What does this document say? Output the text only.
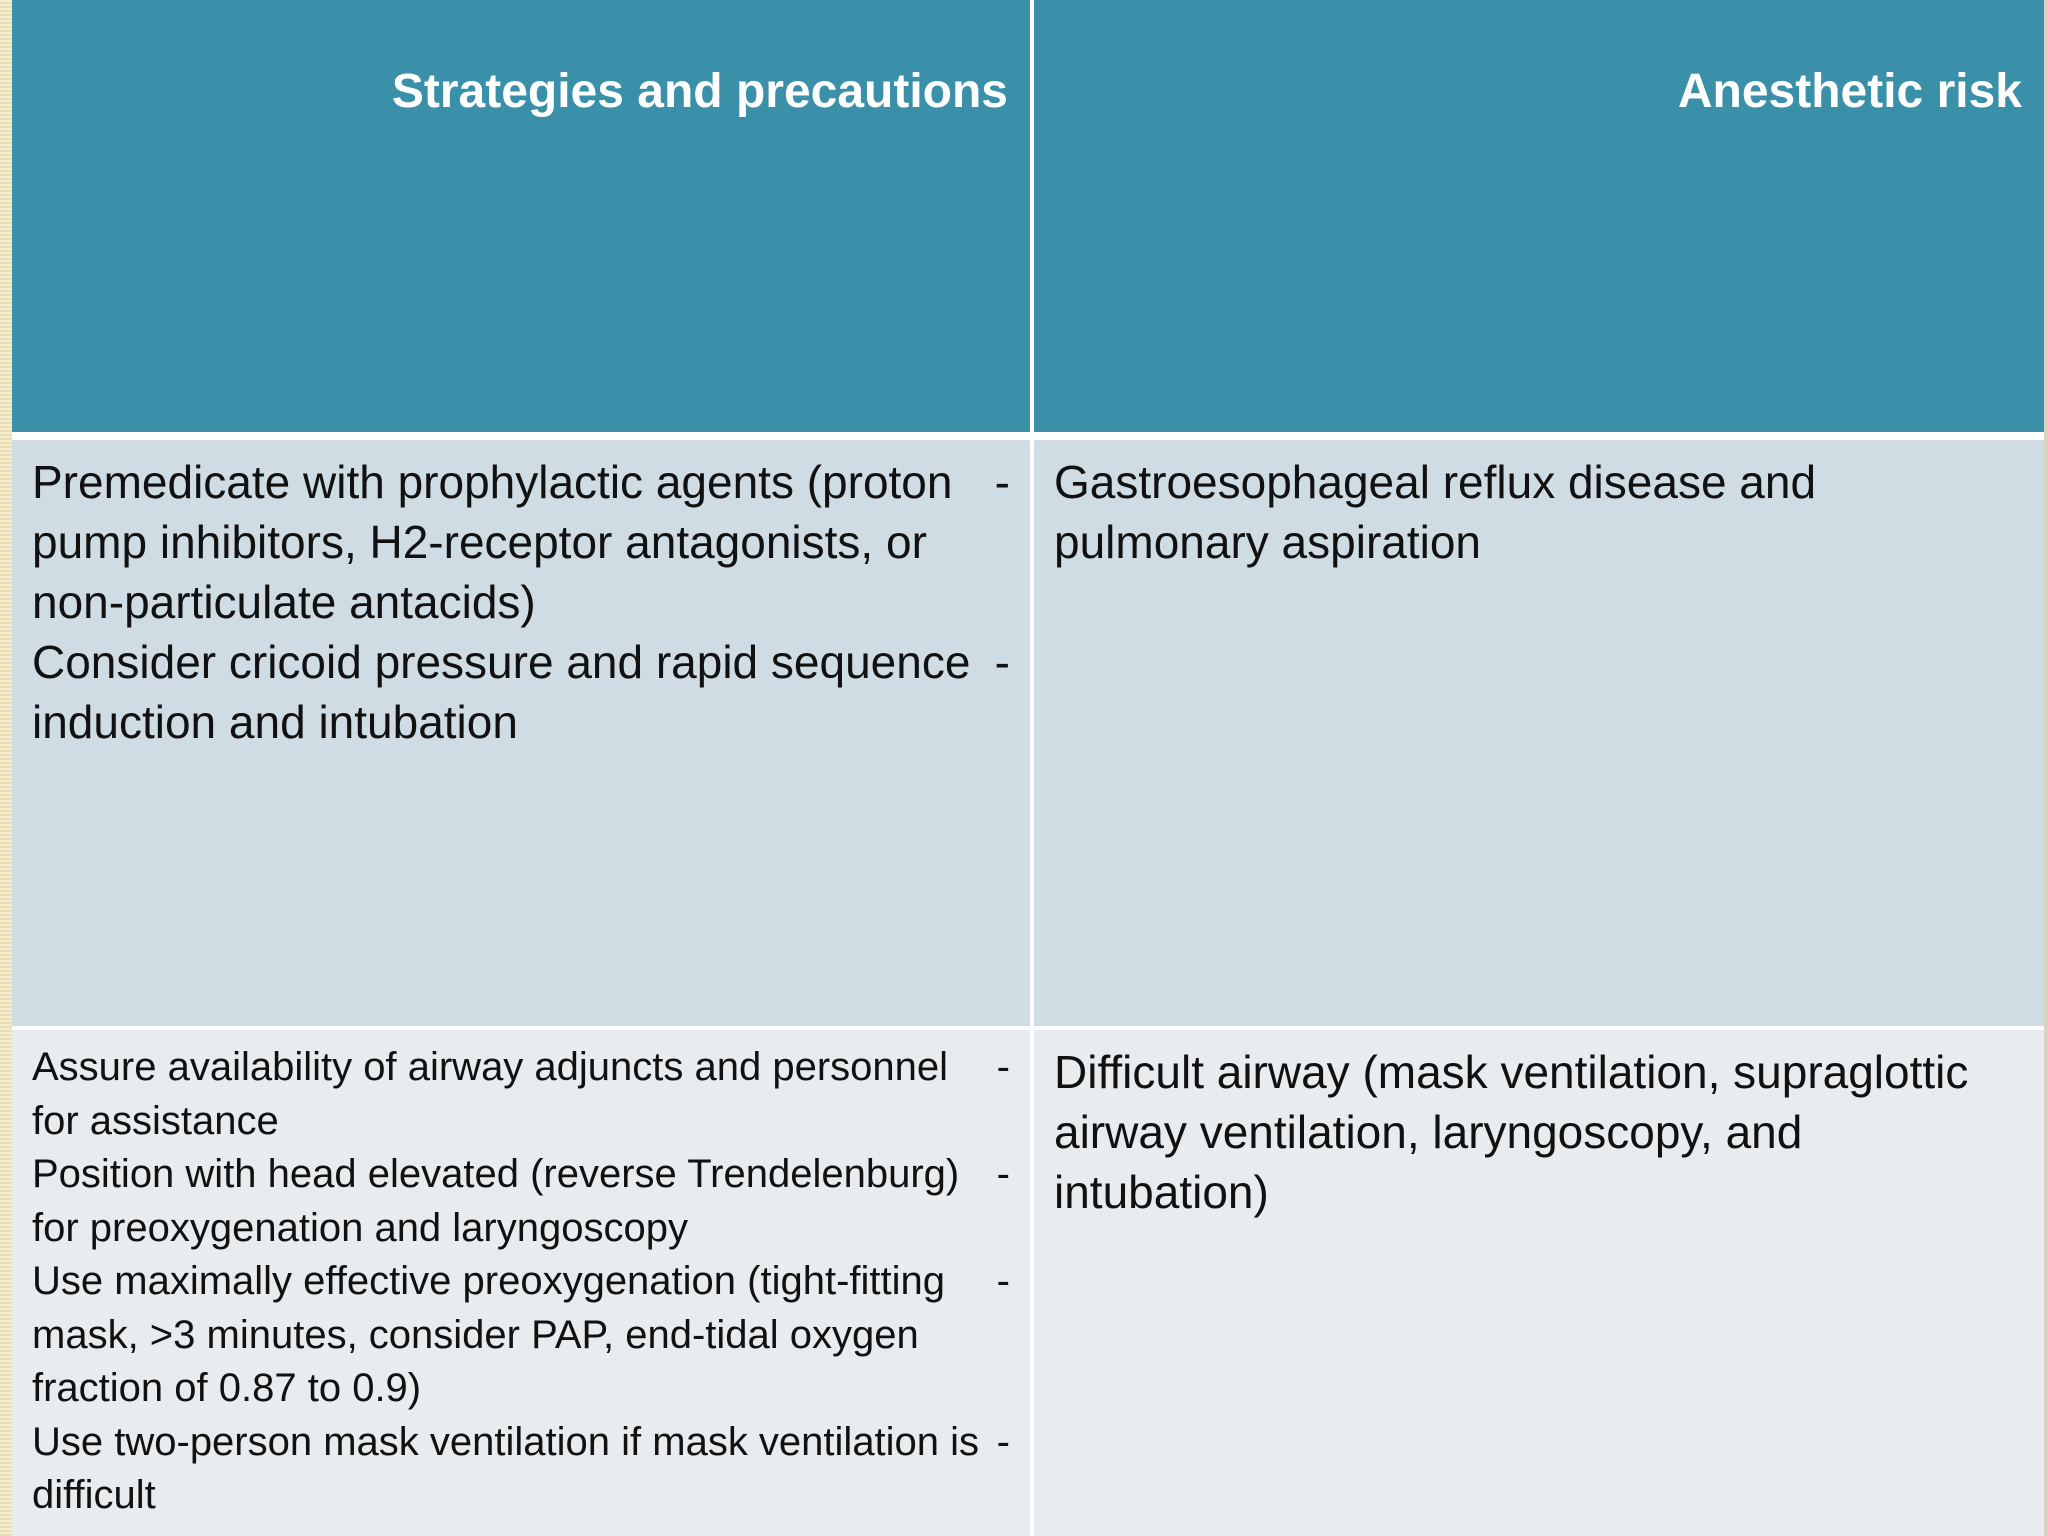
Strategies and precautions	Anesthetic risk
Premedicate with prophylactic agents (proton pump inhibitors, H2-receptor antagonists, or non-particulate antacids)
-
Consider cricoid pressure and rapid sequence induction and intubation
-
Gastroesophageal reflux disease and pulmonary aspiration
Assure availability of airway adjuncts and personnel for assistance
-
Position with head elevated (reverse Trendelenburg) for preoxygenation and laryngoscopy
-
Use maximally effective preoxygenation (tight-fitting mask, >3 minutes, consider PAP, end-tidal oxygen fraction of 0.87 to 0.9)
-
Use two-person mask ventilation if mask ventilation is difficult
-
Difficult airway (mask ventilation, supraglottic airway ventilation, laryngoscopy, and intubation)
